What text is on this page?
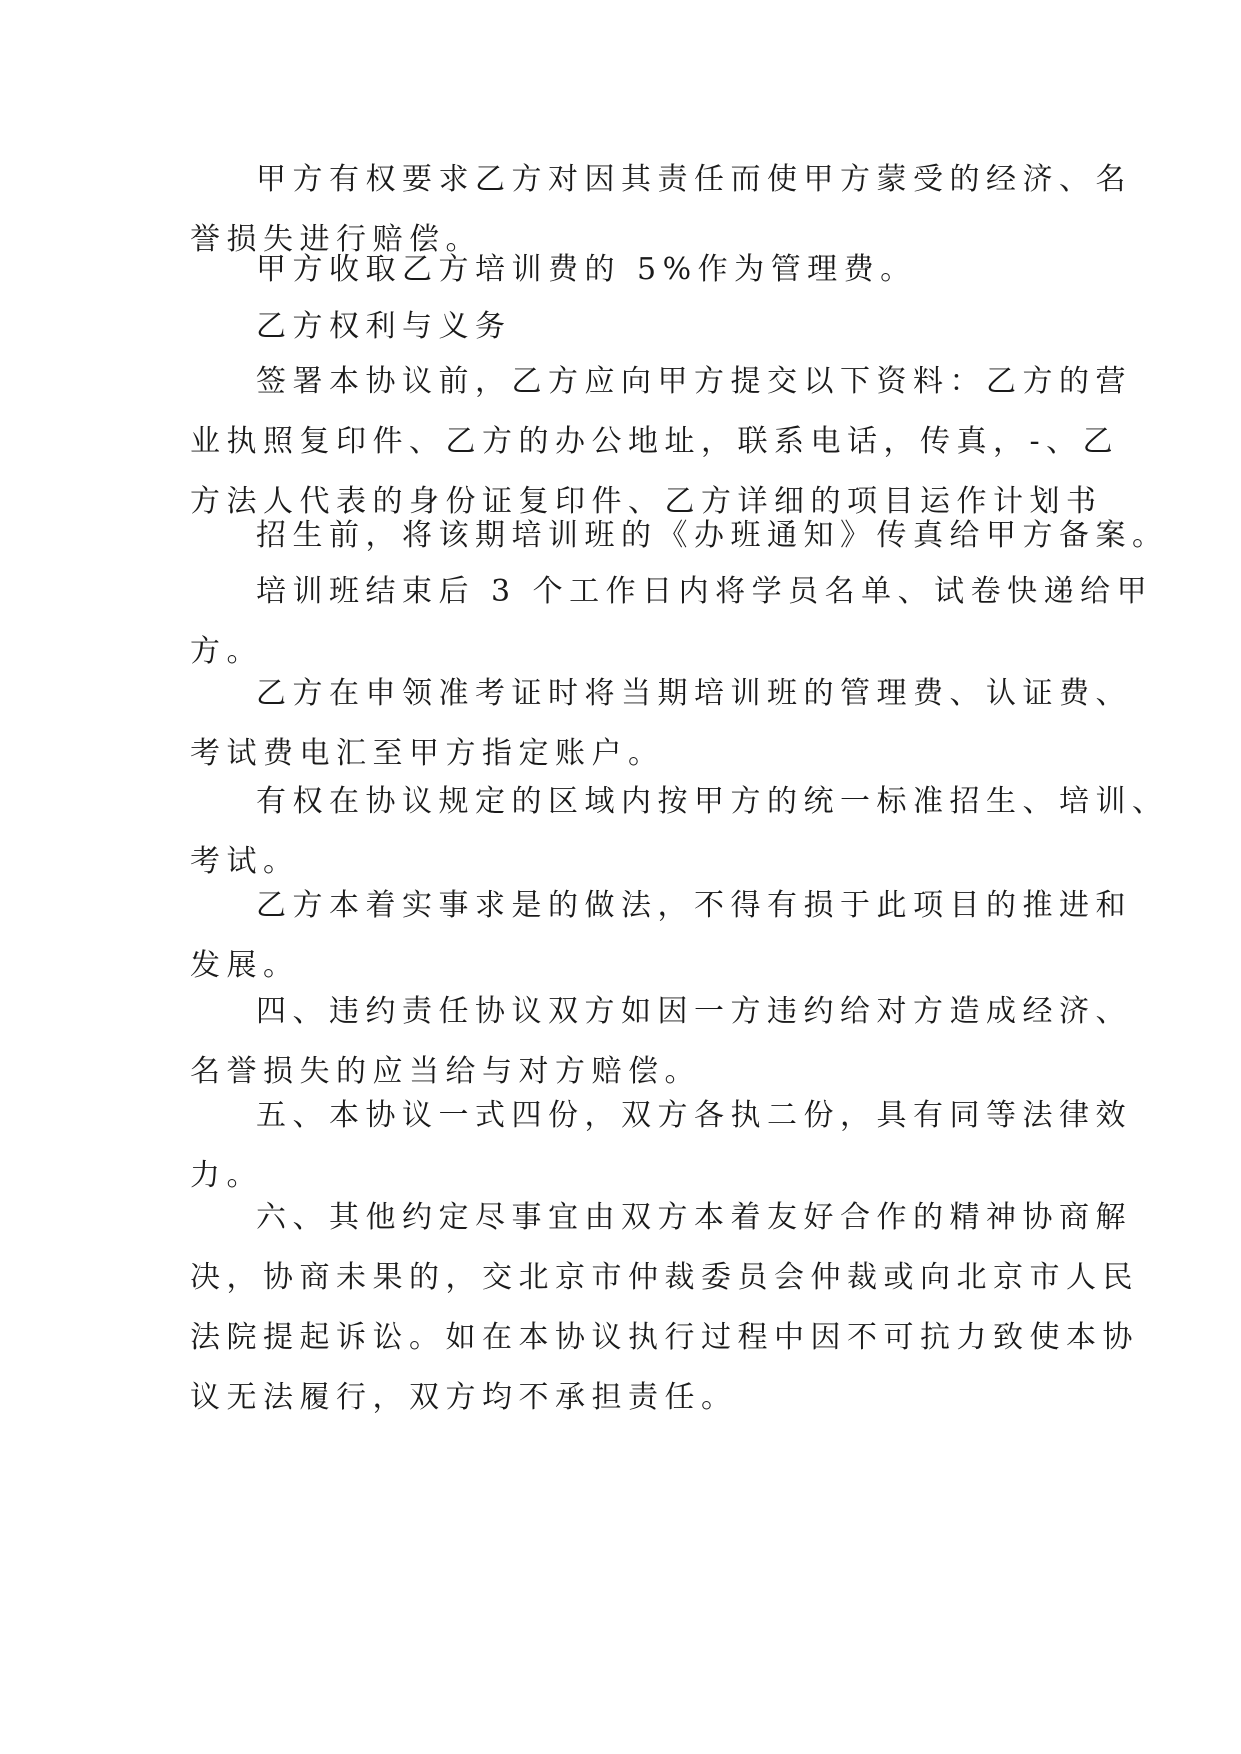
甲方有权要求乙方对因其责任而使甲方蒙受的经济、名
誉损失进行赔偿。

甲方收取乙方培训费的 5%作为管理费。

乙方权利与义务

签署本协议前，乙方应向甲方提交以下资料：乙方的营
业执照复印件、乙方的办公地址，联系电话，传真，-、乙
方法人代表的身份证复印件、乙方详细的项目运作计划书

招生前，将该期培训班的《办班通知》传真给甲方备案。

培训班结束后 3 个工作日内将学员名单、试卷快递给甲
方。

乙方在申领准考证时将当期培训班的管理费、认证费、
考试费电汇至甲方指定账户。

有权在协议规定的区域内按甲方的统一标准招生、培训、
考试。

乙方本着实事求是的做法，不得有损于此项目的推进和
发展。

四、违约责任协议双方如因一方违约给对方造成经济、
名誉损失的应当给与对方赔偿。

五、本协议一式四份，双方各执二份，具有同等法律效
力。

六、其他约定尽事宜由双方本着友好合作的精神协商解
决，协商未果的，交北京市仲裁委员会仲裁或向北京市人民
法院提起诉讼。如在本协议执行过程中因不可抗力致使本协
议无法履行，双方均不承担责任。
